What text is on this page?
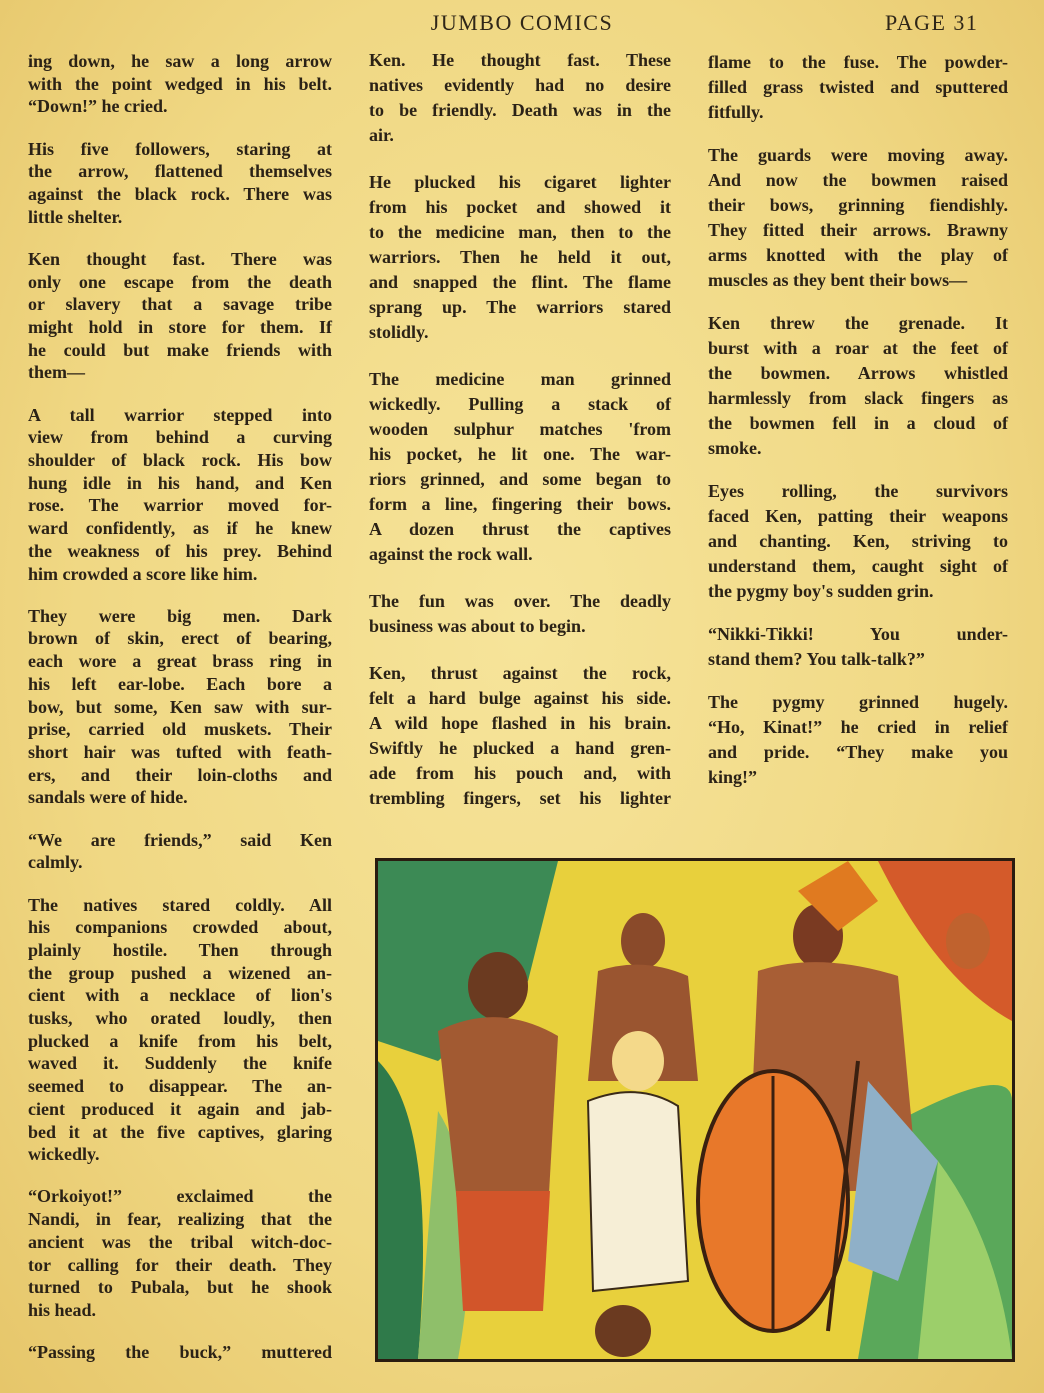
JUMBO COMICS	PAGE 31
ing down, he saw a long arrow
with the point wedged in his belt.
“Down!” he cried.
His five followers, staring at
the arrow, flattened themselves
against the black rock. There was
little shelter.
Ken thought fast. There was
only one escape from the death
or slavery that a savage tribe
might hold in store for them. If
he could but make friends with
them—
A tall warrior stepped into
view from behind a curving
shoulder of black rock. His bow
hung idle in his hand, and Ken
rose. The warrior moved for-
ward confidently, as if he knew
the weakness of his prey. Behind
him crowded a score like him.
They were big men. Dark
brown of skin, erect of bearing,
each wore a great brass ring in
his left ear-lobe. Each bore a
bow, but some, Ken saw with sur-
prise, carried old muskets. Their
short hair was tufted with feath-
ers, and their loin-cloths and
sandals were of hide.
“We are friends,” said Ken
calmly.
The natives stared coldly. All
his companions crowded about,
plainly hostile. Then through
the group pushed a wizened an-
cient with a necklace of lion's
tusks, who orated loudly, then
plucked a knife from his belt,
waved it. Suddenly the knife
seemed to disappear. The an-
cient produced it again and jab-
bed it at the five captives, glaring
wickedly.
“Orkoiyot!” exclaimed the
Nandi, in fear, realizing that the
ancient was the tribal witch-doc-
tor calling for their death. They
turned to Pubala, but he shook
his head.
“Passing the buck,” muttered
Ken. He thought fast. These
natives evidently had no desire
to be friendly. Death was in the
air.
He plucked his cigaret lighter
from his pocket and showed it
to the medicine man, then to the
warriors. Then he held it out,
and snapped the flint. The flame
sprang up. The warriors stared
stolidly.
The medicine man grinned
wickedly. Pulling a stack of
wooden sulphur matches 'from
his pocket, he lit one. The war-
riors grinned, and some began to
form a line, fingering their bows.
A dozen thrust the captives
against the rock wall.
The fun was over. The deadly
business was about to begin.
Ken, thrust against the rock,
felt a hard bulge against his side.
A wild hope flashed in his brain.
Swiftly he plucked a hand gren-
ade from his pouch and, with
trembling fingers, set his lighter
flame to the fuse. The powder-
filled grass twisted and sputtered
fitfully.
The guards were moving away.
And now the bowmen raised
their bows, grinning fiendishly.
They fitted their arrows. Brawny
arms knotted with the play of
muscles as they bent their bows—
Ken threw the grenade. It
burst with a roar at the feet of
the bowmen. Arrows whistled
harmlessly from slack fingers as
the bowmen fell in a cloud of
smoke.
Eyes rolling, the survivors
faced Ken, patting their weapons
and chanting. Ken, striving to
understand them, caught sight of
the pygmy boy's sudden grin.
“Nikki-Tikki! You under-
stand them? You talk-talk?”
The pygmy grinned hugely.
“Ho, Kinat!” he cried in relief
and pride. “They make you
king!”
